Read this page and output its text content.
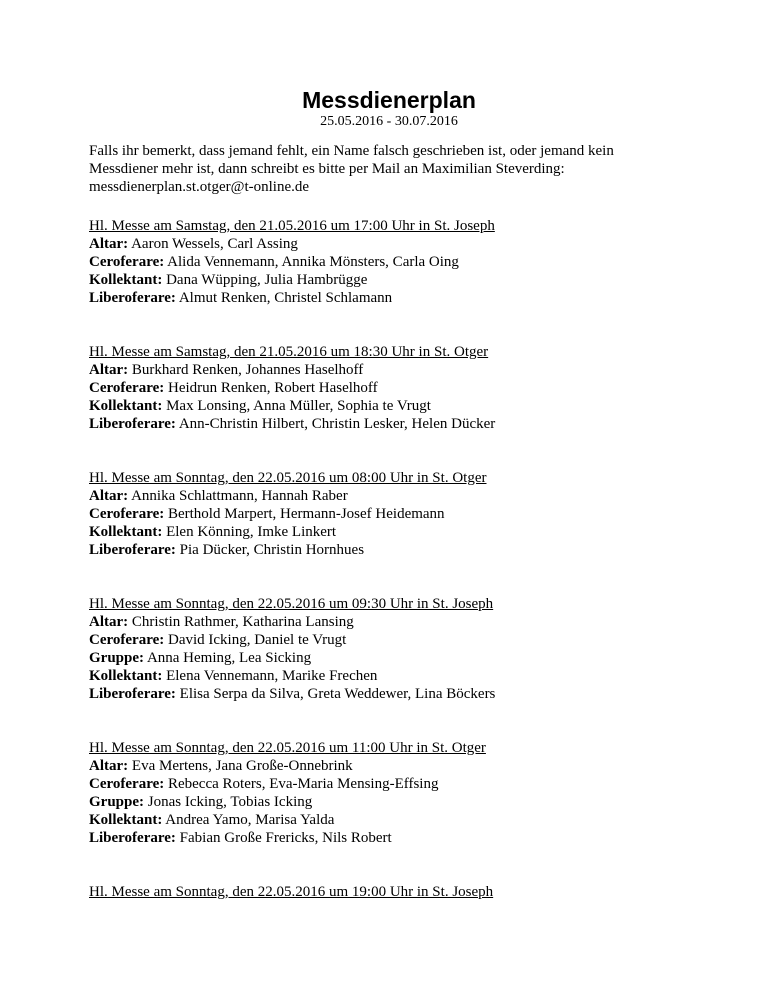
Messdienerplan

25.05.2016 - 30.07.2016

Falls ihr bemerkt, dass jemand fehlt, ein Name falsch geschrieben ist, oder jemand kein

Messdiener mehr ist, dann schreibt es bitte per Mail an Maximilian Steverding:

messdienerplan.st.otger@t-online.de

Hl. Messe am Samstag, den 21.05.2016 um 17:00 Uhr in St. Joseph
Altar: Aaron Wessels, Carl Assing
Ceroferare: Alida Vennemann, Annika Mönsters, Carla Oing
Kollektant: Dana Wüpping, Julia Hambrügge
Liberoferare: Almut Renken, Christel Schlamann
Hl. Messe am Samstag, den 21.05.2016 um 18:30 Uhr in St. Otger
Altar: Burkhard Renken, Johannes Haselhoff
Ceroferare: Heidrun Renken, Robert Haselhoff
Kollektant: Max Lonsing, Anna Müller, Sophia te Vrugt
Liberoferare: Ann-Christin Hilbert, Christin Lesker, Helen Dücker
Hl. Messe am Sonntag, den 22.05.2016 um 08:00 Uhr in St. Otger
Altar: Annika Schlattmann, Hannah Raber
Ceroferare: Berthold Marpert, Hermann-Josef Heidemann
Kollektant: Elen Könning, Imke Linkert
Liberoferare: Pia Dücker, Christin Hornhues
Hl. Messe am Sonntag, den 22.05.2016 um 09:30 Uhr in St. Joseph
Altar: Christin Rathmer, Katharina Lansing
Ceroferare: David Icking, Daniel te Vrugt
Gruppe: Anna Heming, Lea Sicking
Kollektant: Elena Vennemann, Marike Frechen
Liberoferare: Elisa Serpa da Silva, Greta Weddewer, Lina Böckers
Hl. Messe am Sonntag, den 22.05.2016 um 11:00 Uhr in St. Otger
Altar: Eva Mertens, Jana Große-Onnebrink
Ceroferare: Rebecca Roters, Eva-Maria Mensing-Effsing
Gruppe: Jonas Icking, Tobias Icking
Kollektant: Andrea Yamo, Marisa Yalda
Liberoferare: Fabian Große Frericks, Nils Robert
Hl. Messe am Sonntag, den 22.05.2016 um 19:00 Uhr in St. Joseph
